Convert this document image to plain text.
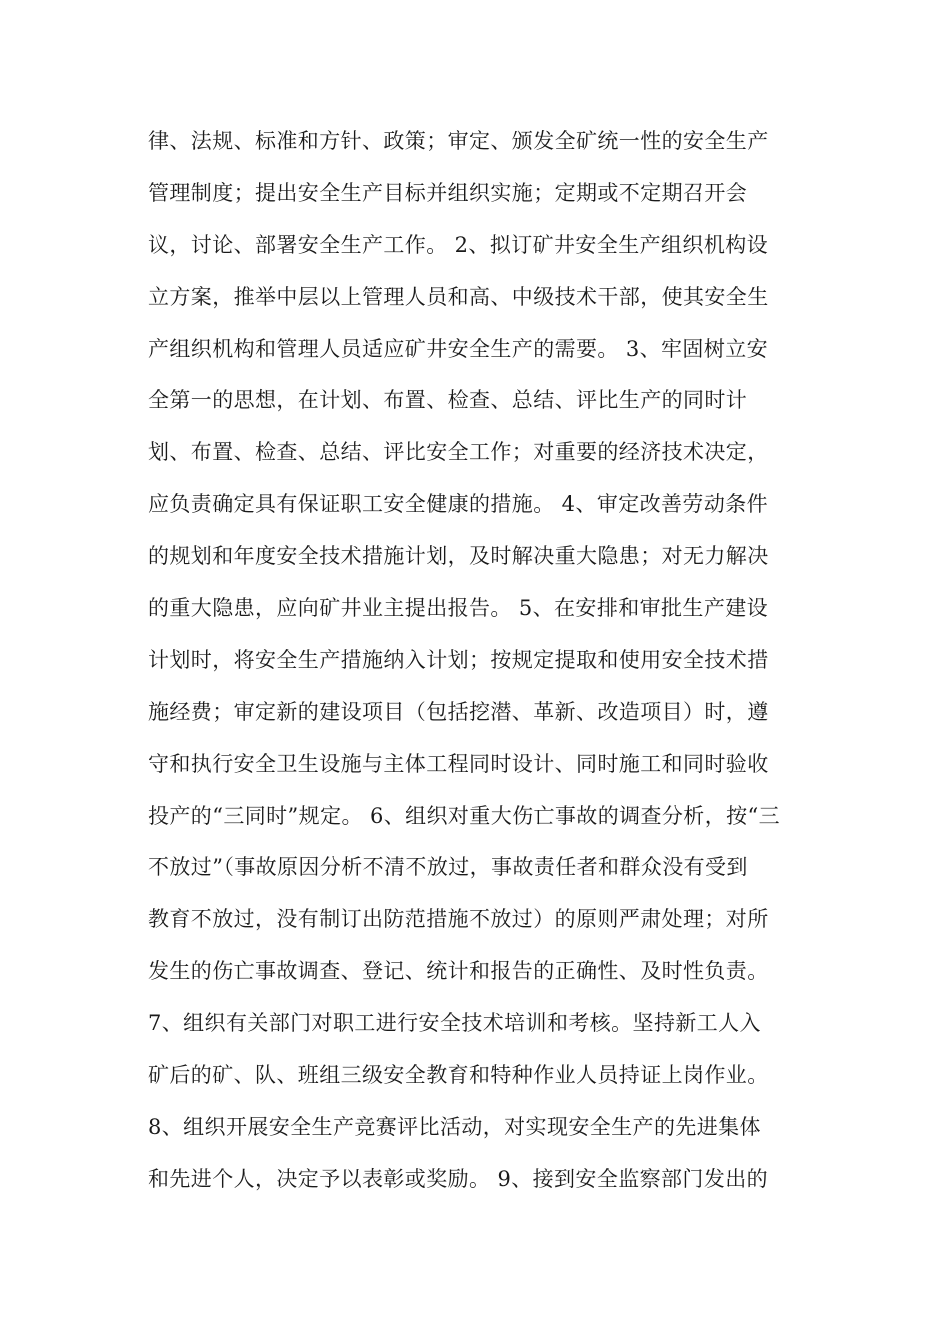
律、法规、标准和方针、政策；审定、颁发全矿统一性的安全生产
管理制度；提出安全生产目标并组织实施；定期或不定期召开会
议，讨论、部署安全生产工作。 2、拟订矿井安全生产组织机构设
立方案，推举中层以上管理人员和高、中级技术干部，使其安全生
产组织机构和管理人员适应矿井安全生产的需要。 3、牢固树立安
全第一的思想，在计划、布置、检查、总结、评比生产的同时计
划、布置、检查、总结、评比安全工作；对重要的经济技术决定，
应负责确定具有保证职工安全健康的措施。 4、审定改善劳动条件
的规划和年度安全技术措施计划，及时解决重大隐患；对无力解决
的重大隐患，应向矿井业主提出报告。 5、在安排和审批生产建设
计划时，将安全生产措施纳入计划；按规定提取和使用安全技术措
施经费；审定新的建设项目（包括挖潜、革新、改造项目）时，遵
守和执行安全卫生设施与主体工程同时设计、同时施工和同时验收
投产的“三同时”规定。 6、组织对重大伤亡事故的调查分析，按“三
不放过”（事故原因分析不清不放过，事故责任者和群众没有受到
教育不放过，没有制订出防范措施不放过）的原则严肃处理；对所
发生的伤亡事故调查、登记、统计和报告的正确性、及时性负责。
7、组织有关部门对职工进行安全技术培训和考核。坚持新工人入
矿后的矿、队、班组三级安全教育和特种作业人员持证上岗作业。
8、组织开展安全生产竞赛评比活动，对实现安全生产的先进集体
和先进个人，决定予以表彰或奖励。 9、接到安全监察部门发出的
